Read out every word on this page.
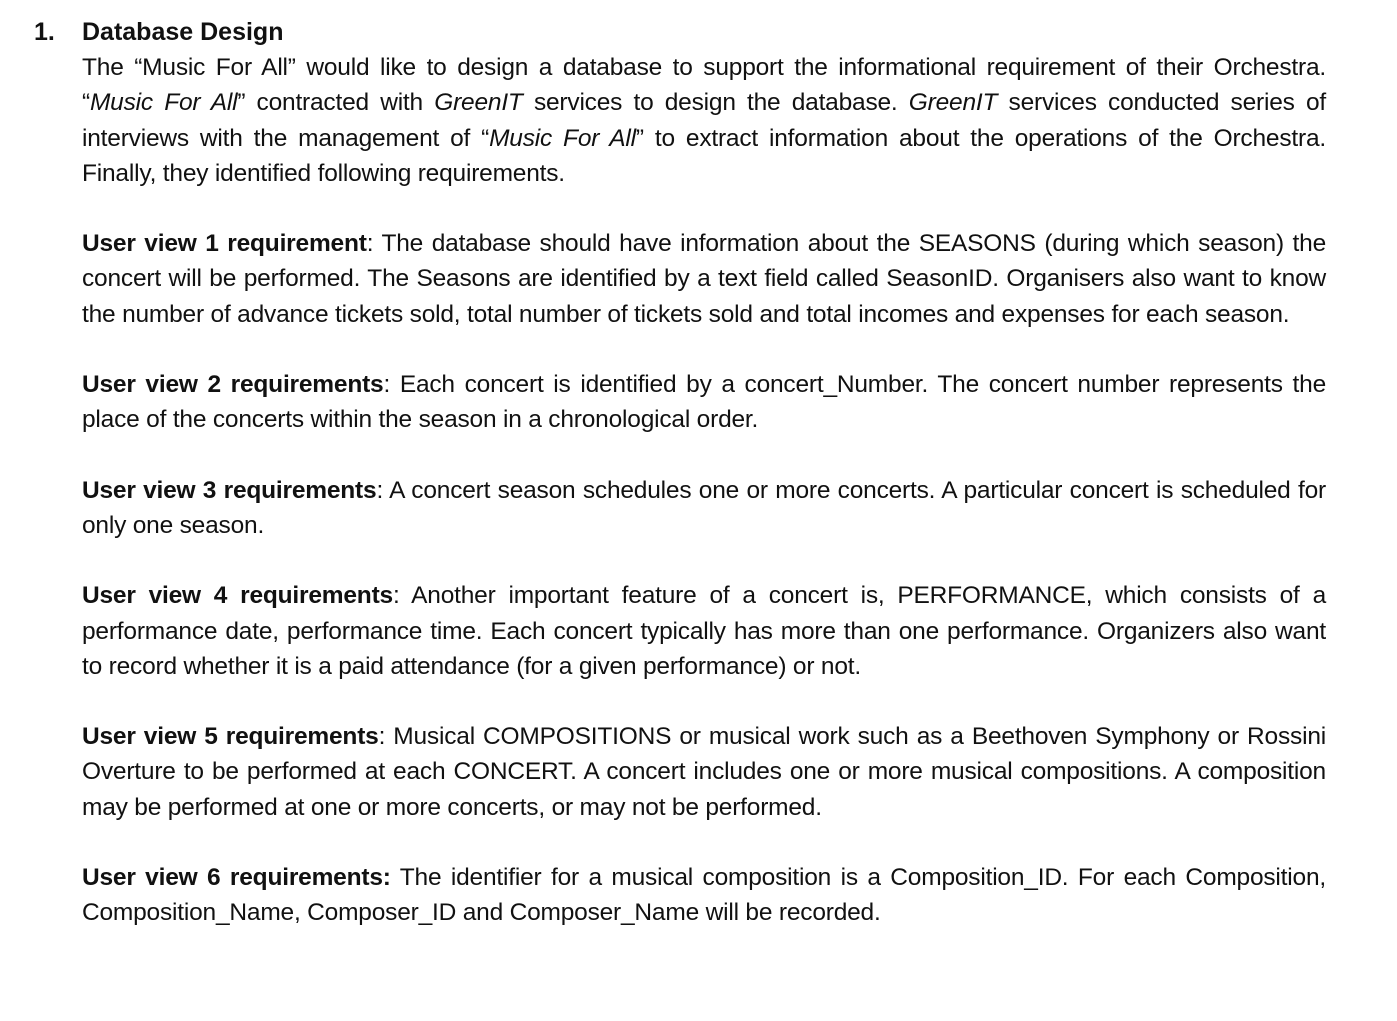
1.	Database Design

The “Music For All” would like to design a database to support the informational requirement of their Orchestra. “Music For All” contracted with GreenIT services to design the database. GreenIT services conducted series of interviews with the management of “Music For All” to extract information about the operations of the Orchestra. Finally, they identified following requirements.

User view 1 requirement: The database should have information about the SEASONS (during which season) the concert will be performed. The Seasons are identified by a text field called SeasonID. Organisers also want to know the number of advance tickets sold, total number of tickets sold and total incomes and expenses for each season.

User view 2 requirements: Each concert is identified by a concert_Number. The concert number represents the place of the concerts within the season in a chronological order.

User view 3 requirements: A concert season schedules one or more concerts. A particular concert is scheduled for only one season.

User view 4 requirements: Another important feature of a concert is, PERFORMANCE, which consists of a performance date, performance time. Each concert typically has more than one performance. Organizers also want to record whether it is a paid attendance (for a given performance) or not.

User view 5 requirements: Musical COMPOSITIONS or musical work such as a Beethoven Symphony or Rossini Overture to be performed at each CONCERT. A concert includes one or more musical compositions. A composition may be performed at one or more concerts, or may not be performed.

User view 6 requirements: The identifier for a musical composition is a Composition_ID. For each Composition, Composition_Name, Composer_ID and Composer_Name will be recorded.
